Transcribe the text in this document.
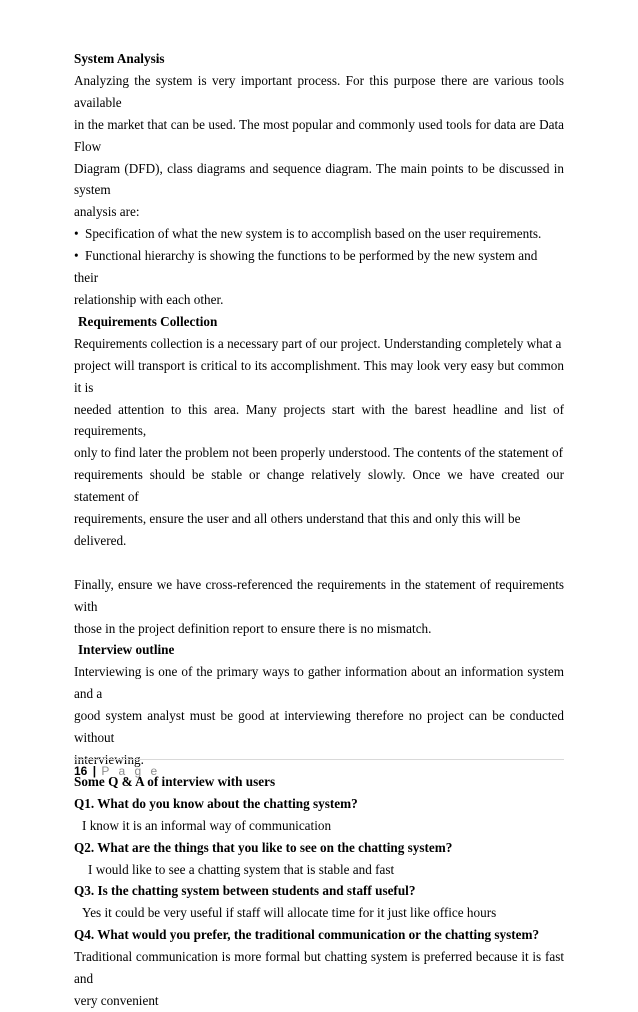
System Analysis

Analyzing the system is very important process. For this purpose there are various tools available

in the market that can be used. The most popular and commonly used tools for data are Data Flow

Diagram (DFD), class diagrams and sequence diagram. The main points to be discussed in system

analysis are:

• Specification of what the new system is to accomplish based on the user requirements.

• Functional hierarchy is showing the functions to be performed by the new system and their

relationship with each other.

Requirements Collection

Requirements collection is a necessary part of our project. Understanding completely what a

project will transport is critical to its accomplishment. This may look very easy but common it is

needed attention to this area. Many projects start with the barest headline and list of requirements,

only to find later the problem not been properly understood. The contents of the statement of

requirements should be stable or change relatively slowly. Once we have created our statement of

requirements, ensure the user and all others understand that this and only this will be delivered.

Finally, ensure we have cross-referenced the requirements in the statement of requirements with

those in the project definition report to ensure there is no mismatch.

Interview outline

Interviewing is one of the primary ways to gather information about an information system and a

good system analyst must be good at interviewing therefore no project can be conducted without

interviewing.

Some Q & A of interview with users

Q1. What do you know about the chatting system?

I know it is an informal way of communication

Q2. What are the things that you like to see on the chatting system?

I would like to see a chatting system that is stable and fast

Q3. Is the chatting system between students and staff useful?

Yes it could be very useful if staff will allocate time for it just like office hours

Q4. What would you prefer, the traditional communication or the chatting system?

Traditional communication is more formal but chatting system is preferred because it is fast and

very convenient

16 | P a g e
